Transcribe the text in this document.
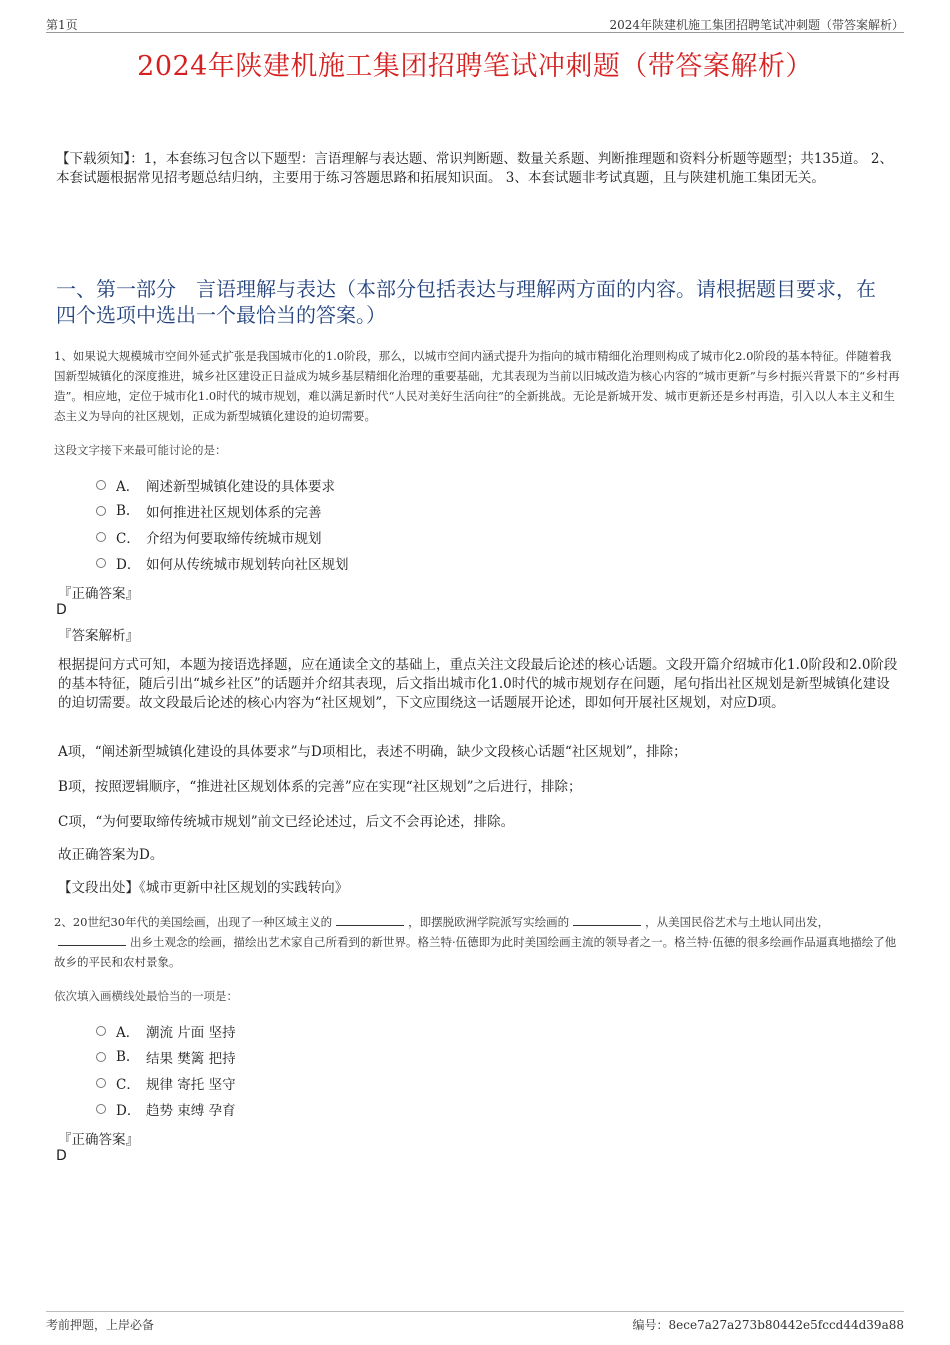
第1页	2024年陕建机施工集团招聘笔试冲刺题（带答案解析）
2024年陕建机施工集团招聘笔试冲刺题（带答案解析）
【下载须知】：1，本套练习包含以下题型：言语理解与表达题、常识判断题、数量关系题、判断推理题和资料分析题等题型；共135道。 2、本套试题根据常见招考题总结归纳，主要用于练习答题思路和拓展知识面。 3、本套试题非考试真题，且与陕建机施工集团无关。
一、第一部分　言语理解与表达（本部分包括表达与理解两方面的内容。请根据题目要求，在四个选项中选出一个最恰当的答案。）
1、如果说大规模城市空间外延式扩张是我国城市化的1.0阶段，那么，以城市空间内涵式提升为指向的城市精细化治理则构成了城市化2.0阶段的基本特征。伴随着我国新型城镇化的深度推进，城乡社区建设正日益成为城乡基层精细化治理的重要基础，尤其表现为当前以旧城改造为核心内容的“城市更新”与乡村振兴背景下的“乡村再造”。相应地，定位于城市化1.0时代的城市规划，难以满足新时代“人民对美好生活向往”的全新挑战。无论是新城开发、城市更新还是乡村再造，引入以人本主义和生态主义为导向的社区规划，正成为新型城镇化建设的迫切需要。
这段文字接下来最可能讨论的是：
A． 阐述新型城镇化建设的具体要求
B.	如何推进社区规划体系的完善
C． 介绍为何要取缔传统城市规划
D． 如何从传统城市规划转向社区规划
『正确答案』
D
『答案解析』
根据提问方式可知，本题为接语选择题，应在通读全文的基础上，重点关注文段最后论述的核心话题。文段开篇介绍城市化1.0阶段和2.0阶段的基本特征，随后引出“城乡社区”的话题并介绍其表现，后文指出城市化1.0时代的城市规划存在问题，尾句指出社区规划是新型城镇化建设的迫切需要。故文段最后论述的核心内容为“社区规划”，下文应围绕这一话题展开论述，即如何开展社区规划，对应D项。
A项，“阐述新型城镇化建设的具体要求”与D项相比，表述不明确，缺少文段核心话题“社区规划”，排除；
B项，按照逻辑顺序，“推进社区规划体系的完善”应在实现“社区规划”之后进行，排除；
C项，“为何要取缔传统城市规划”前文已经论述过，后文不会再论述，排除。
故正确答案为D。
【文段出处】《城市更新中社区规划的实践转向》
2、20世纪30年代的美国绘画，出现了一种区域主义的	，即摆脱欧洲学院派写实绘画的	，从美国民俗艺术与土地认同出发，出乡土观念的绘画，描绘出艺术家自己所看到的新世界。格兰特·伍德即为此时美国绘画主流的领导者之一。格兰特·伍德的很多绘画作品逼真地描绘了他故乡的平民和农村景象。
依次填入画横线处最恰当的一项是：
A． 潮流 片面 坚持
B.	结果 樊篱 把持
C． 规律 寄托 坚守
D． 趋势 束缚 孕育
『正确答案』
D
考前押题，上岸必备	编号：8ece7a27a273b80442e5fccd44d39a88
